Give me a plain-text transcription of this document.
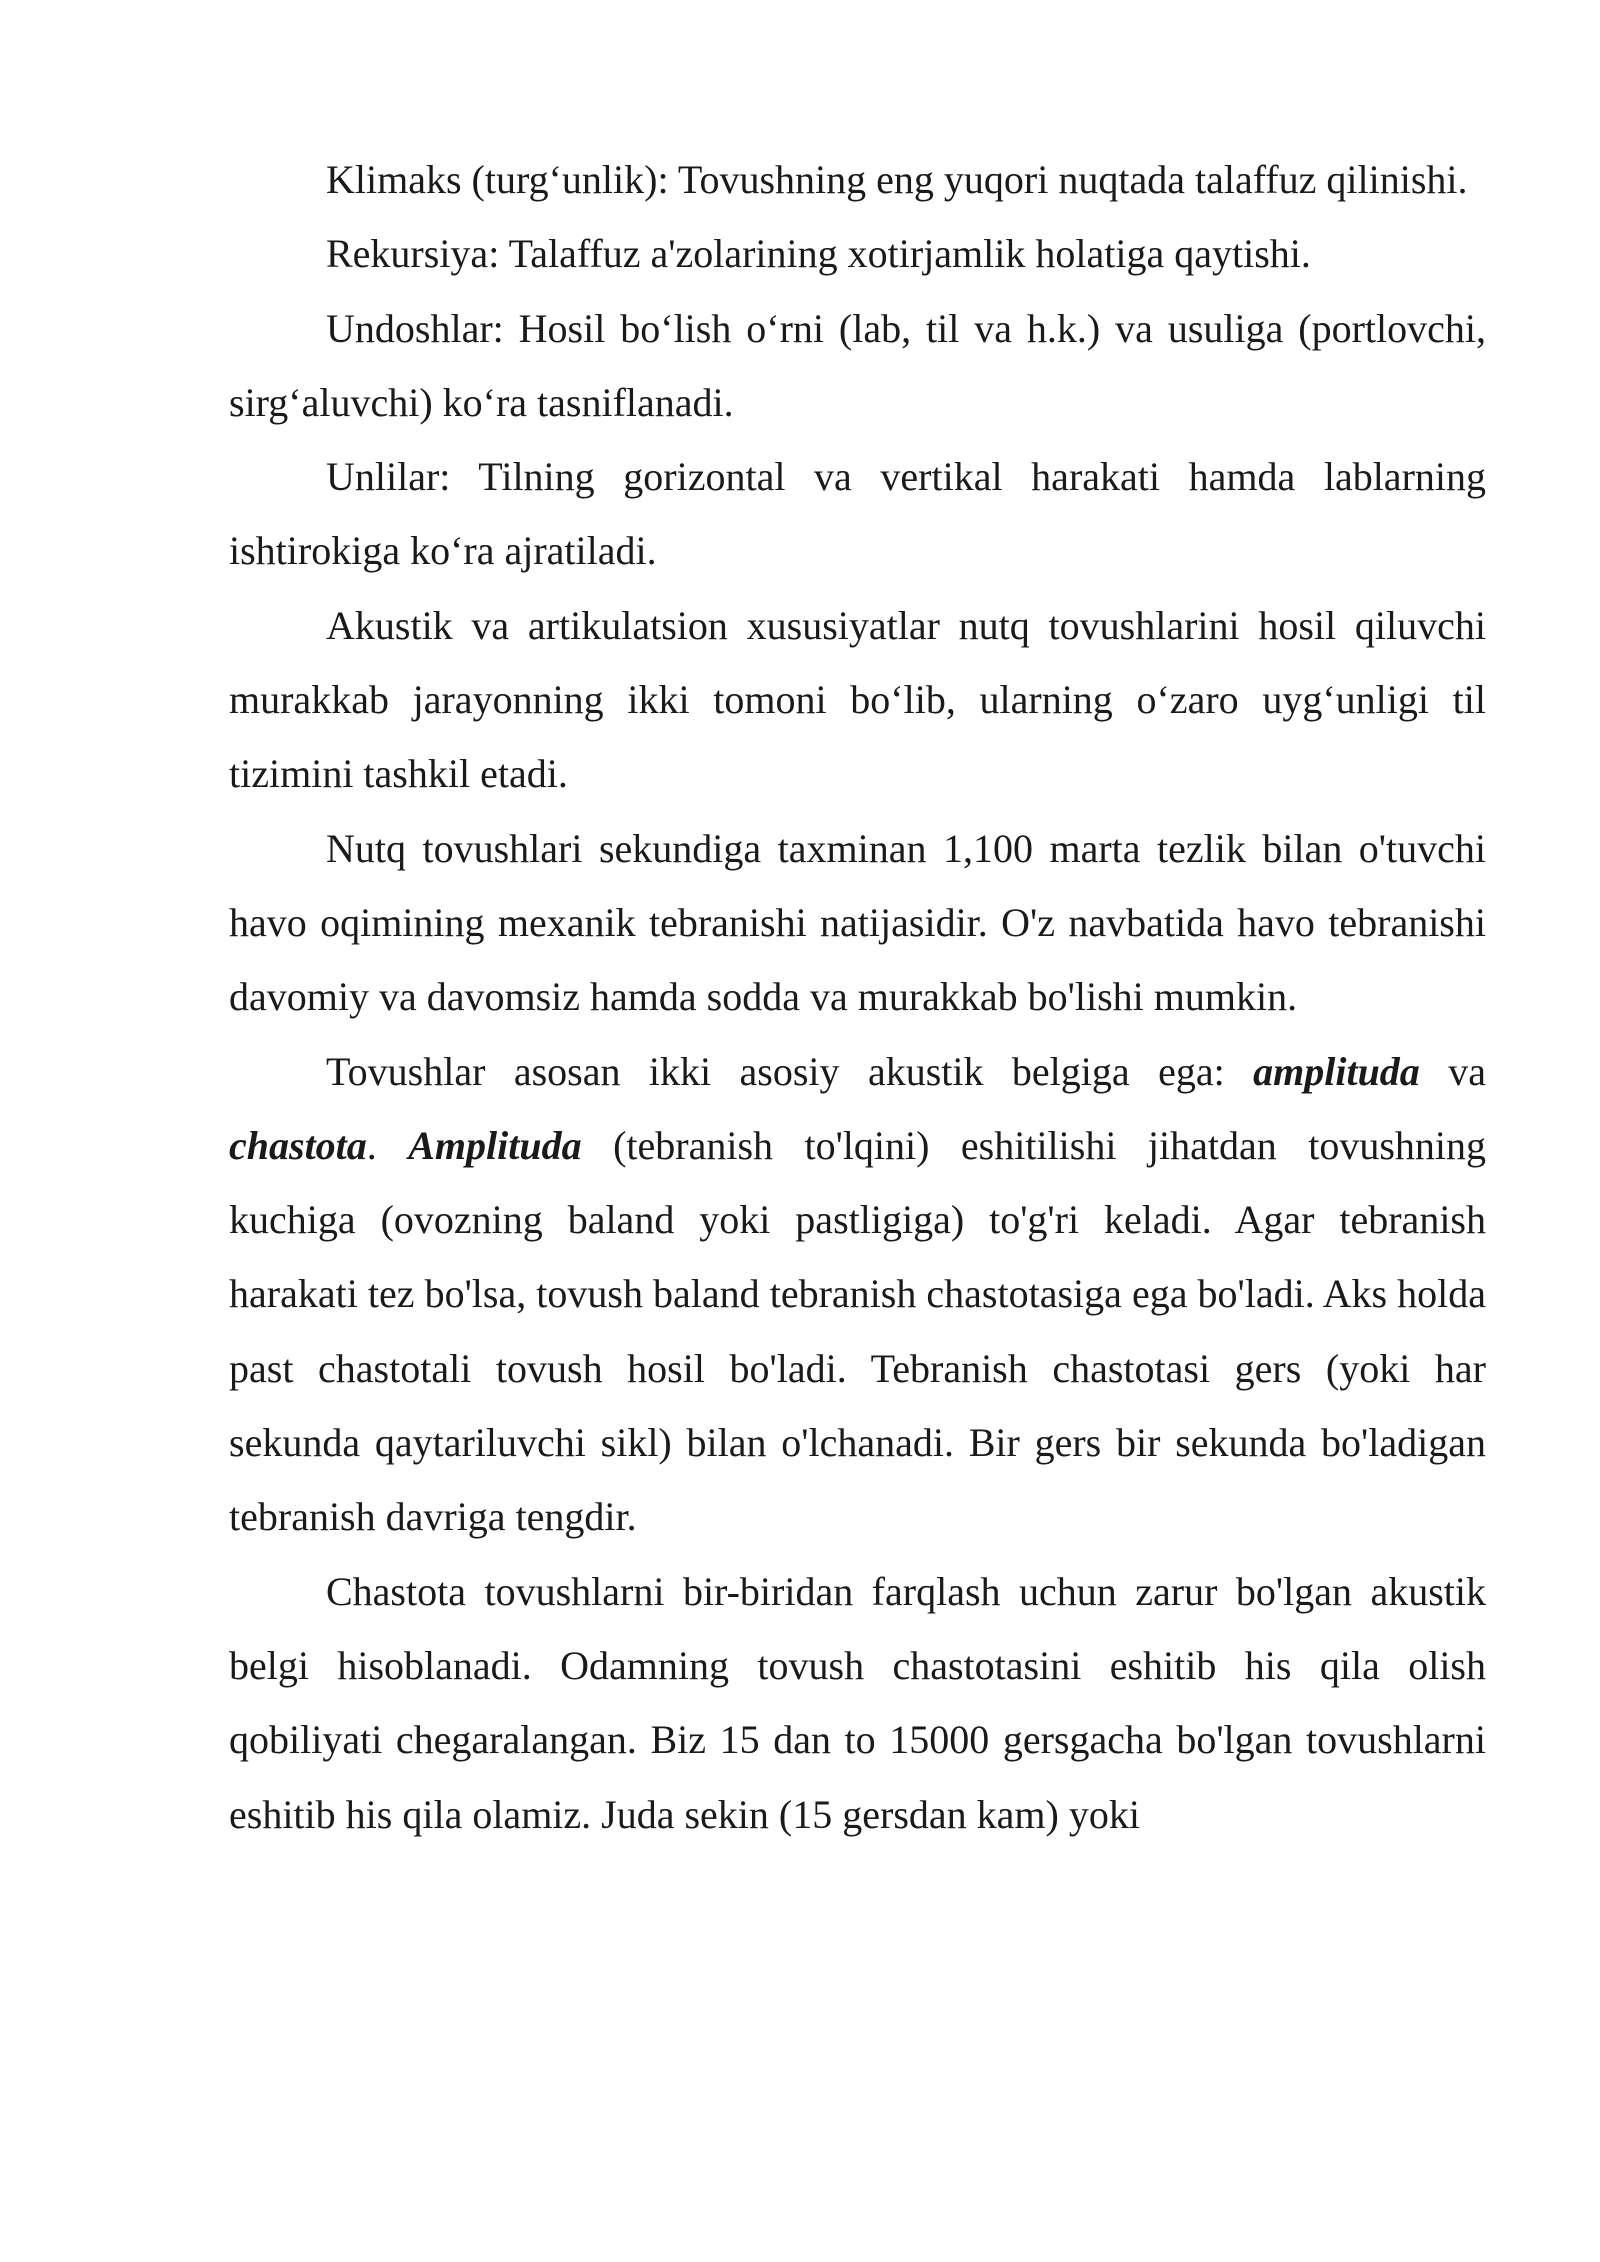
Klimaks (turg‘unlik): Tovushning eng yuqori nuqtada talaffuz qilinishi.

Rekursiya: Talaffuz a'zolarining xotirjamlik holatiga qaytishi.

Undoshlar: Hosil bo‘lish o‘rni (lab, til va h.k.) va usuliga (portlovchi, sirg‘aluvchi) ko‘ra tasniflanadi.

Unlilar: Tilning gorizontal va vertikal harakati hamda lablarning ishtirokiga ko‘ra ajratiladi.

Akustik va artikulatsion xususiyatlar nutq tovushlarini hosil qiluvchi murakkab jarayonning ikki tomoni bo‘lib, ularning o‘zaro uyg‘unligi til tizimini tashkil etadi.

Nutq tovushlari sekundiga taxminan 1,100 marta tezlik bilan o'tuvchi havo oqimining mexanik tebranishi natijasidir. O'z navbatida havo tebranishi davomiy va davomsiz hamda sodda va murakkab bo'lishi mumkin.

Tovushlar asosan ikki asosiy akustik belgiga ega: amplituda va chastota. Amplituda (tebranish to'lqini) eshitilishi jihatdan tovushning kuchiga (ovozning baland yoki pastligiga) to'g'ri keladi. Agar tebranish harakati tez bo'lsa, tovush baland tebranish chastotasiga ega bo'ladi. Aks holda past chastotali tovush hosil bo'ladi. Tebranish chastotasi gers (yoki har sekunda qaytariluvchi sikl) bilan o'lchanadi. Bir gers bir sekunda bo'ladigan tebranish davriga tengdir.

Chastota tovushlarni bir-biridan farqlash uchun zarur bo'lgan akustik belgi hisoblanadi. Odamning tovush chastotasini eshitib his qila olish qobiliyati chegaralangan. Biz 15 dan to 15000 gersgacha bo'lgan tovushlarni eshitib his qila olamiz. Juda sekin (15 gersdan kam) yoki
